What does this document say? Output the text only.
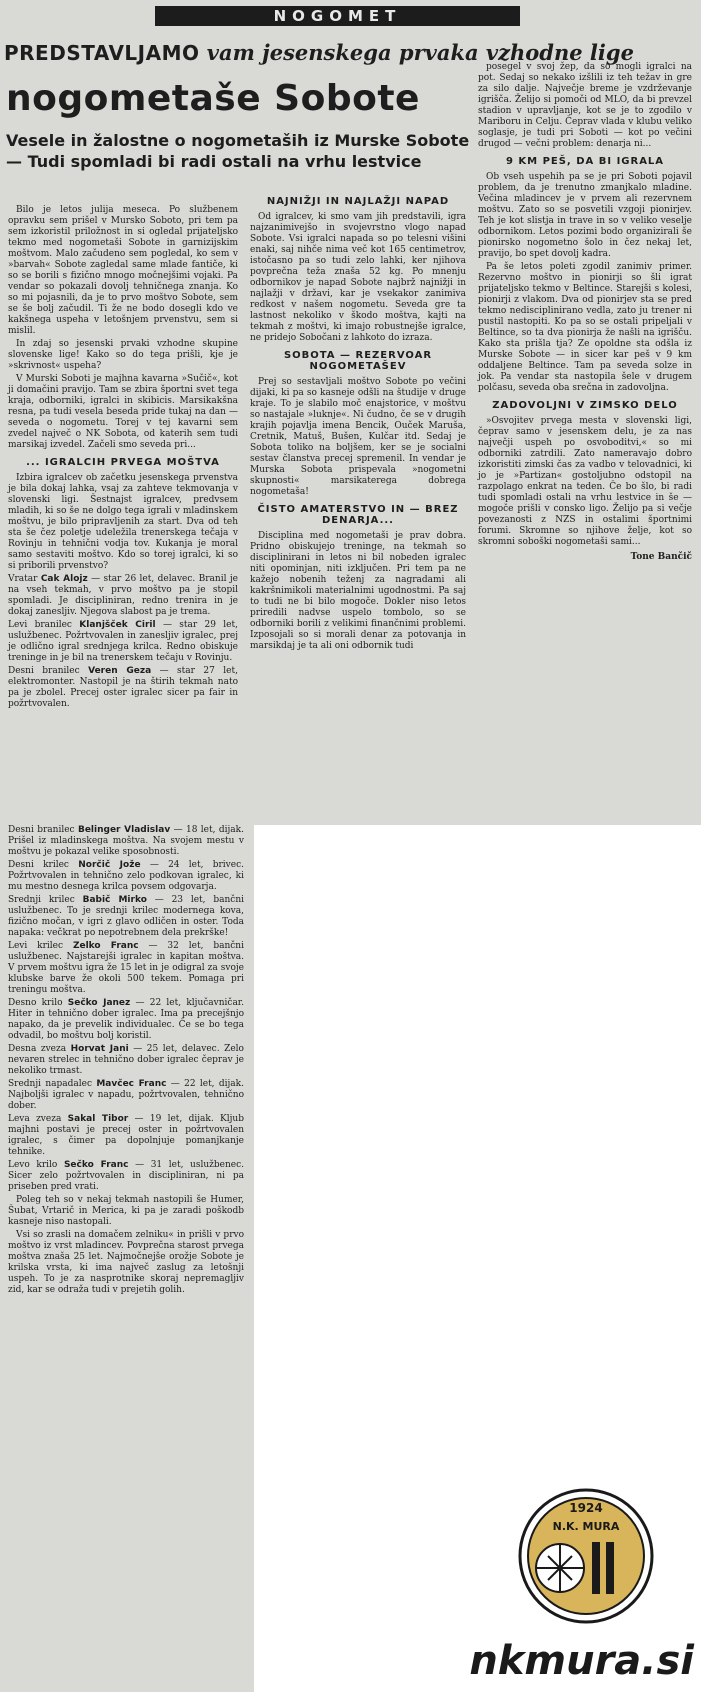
NOGOMET
PREDSTAVLJAMO vam jesenskega prvaka vzhodne lige
nogometaše Sobote
Vesele in žalostne o nogometaših iz Murske Sobote — Tudi spomladi bi radi ostali na vrhu lestvice

Bilo je letos julija meseca. Po službenem opravku sem prišel v Mursko Soboto, pri tem pa sem izkoristil priložnost in si ogledal prijateljsko tekmo med nogometaši Sobote in garnizijskim moštvom. Malo začudeno sem pogledal, ko sem v »barvah« Sobote zagledal same mlade fantiče, ki so se borili s fizično mnogo močnejšimi vojaki. Pa vendar so pokazali dovolj tehničnega znanja. Ko so mi pojasnili, da je to prvo moštvo Sobote, sem se še bolj začudil. Ti že ne bodo dosegli kdo ve kakšnega uspeha v letošnjem prvenstvu, sem si mislil.

In zdaj so jesenski prvaki vzhodne skupine slovenske lige! Kako so do tega prišli, kje je »skrivnost« uspeha?

V Murski Soboti je majhna kavarna »Sučič«, kot ji domačini pravijo. Tam se zbira športni svet tega kraja, odborniki, igralci in skibicis. Marsikakšna resna, pa tudi vesela beseda pride tukaj na dan — seveda o nogometu. Torej v tej kavarni sem zvedel največ o NK Sobota, od katerih sem tudi marsikaj izvedel. Začeli smo seveda pri...

... IGRALCIH PRVEGA MOŠTVA

Izbira igralcev ob začetku jesenskega prvenstva je bila dokaj lahka, vsaj za zahteve tekmovanja v slovenski ligi. Šestnajst igralcev, predvsem mladih, ki so še ne dolgo tega igrali v mladinskem moštvu, je bilo pripravljenih za start. Dva od teh sta še čez poletje udeležila trenerskega tečaja v Rovinju in tehnični vodja tov. Kukanja je moral samo sestaviti moštvo. Kdo so torej igralci, ki so si priborili prvenstvo?

Vratar Cak Alojz — star 26 let, delavec. Branil je na vseh tekmah, v prvo moštvo pa je stopil spomladi. Je discipliniran, redno trenira in je dokaj zanesljiv. Njegova slabost pa je trema.
Levi branilec Klanjšček Ciril — star 29 let, uslužbenec. Požrtvovalen in zanesljiv igralec, prej je odlično igral srednjega krilca. Redno obiskuje treninge in je bil na trenerskem tečaju v Rovinju.
Desni branilec Veren Geza — star 27 let, elektromonter. Nastopil je na štirih tekmah nato pa je zbolel. Precej oster igralec sicer pa fair in požrtvovalen.
NAJNIŽJI IN NAJLAŽJI NAPAD

Od igralcev, ki smo vam jih predstavili, igra najzanimivejšo in svojevrstno vlogo napad Sobote. Vsi igralci napada so po telesni višini enaki, saj nihče nima več kot 165 centimetrov, istočasno pa so tudi zelo lahki, ker njihova povprečna teža znaša 52 kg. Po mnenju odbornikov je napad Sobote najbrž najnižji in najlažji v državi, kar je vsekakor zanimiva redkost v našem nogometu. Seveda gre ta lastnost nekoliko v škodo moštva, kajti na tekmah z moštvi, ki imajo robustnejše igralce, ne pridejo Sobočani z lahkoto do izraza.

SOBOTA — REZERVOAR NOGOMETAŠEV

Prej so sestavljali moštvo Sobote po večini dijaki, ki pa so kasneje odšli na študije v druge kraje. To je slabilo moč enajstorice, v moštvu so nastajale »luknje«. Ni čudno, če se v drugih krajih pojavlja imena Bencik, Ouček Maruša, Cretnik, Matuš, Bušen, Kulčar itd. Sedaj je Sobota toliko na boljšem, ker se je socialni sestav članstva precej spremenil. In vendar je Murska Sobota prispevala »nogometni skupnosti« marsikaterega dobrega nogometaša!

ČISTO AMATERSTVO IN — BREZ DENARJA...

Disciplina med nogometaši je prav dobra. Pridno obiskujejo treninge, na tekmah so disciplinirani in letos ni bil nobeden igralec niti opominjan, niti izključen. Pri tem pa ne kažejo nobenih teženj za nagradami ali kakršnimikoli materialnimi ugodnostmi. Pa saj to tudi ne bi bilo mogoče. Dokler niso letos priredili nadvse uspelo tombolo, so se odborniki borili z velikimi finančnimi problemi. Izposojali so si morali denar za potovanja in marsikdaj je ta ali oni odbornik tudi

posegel v svoj žep, da so mogli igralci na pot. Sedaj so nekako izšlili iz teh težav in gre za silo dalje. Največje breme je vzdrževanje igrišča. Želijo si pomoči od MLO, da bi prevzel stadion v upravljanje, kot se je to zgodilo v Mariboru in Celju. Čeprav vlada v klubu veliko soglasje, je tudi pri Soboti — kot po večini drugod — večni problem: denarja ni...

9 KM PEŠ, DA BI IGRALA

Ob vseh uspehih pa se je pri Soboti pojavil problem, da je trenutno zmanjkalo mladine. Večina mladincev je v prvem ali rezervnem moštvu. Zato so se posvetili vzgoji pionirjev. Teh je kot slistja in trave in so v veliko veselje odbornikom. Letos pozimi bodo organizirali še pionirsko nogometno šolo in čez nekaj let, pravijo, bo spet dovolj kadra.

Pa še letos poleti zgodil zanimiv primer. Rezervno moštvo in pionirji so šli igrat prijateljsko tekmo v Beltince. Starejši s kolesi, pionirji z vlakom. Dva od pionirjev sta se pred tekmo nedisciplinirano vedla, zato ju trener ni pustil nastopiti. Ko pa so se ostali pripeljali v Beltince, so ta dva pionirja že našli na igrišču. Kako sta prišla tja? Ze opoldne sta odšla iz Murske Sobote — in sicer kar peš v 9 km oddaljene Beltince. Tam pa seveda solze in jok. Pa vendar sta nastopila šele v drugem polčasu, seveda oba srečna in zadovoljna.

ZADOVOLJNI V ZIMSKO DELO

»Osvojitev prvega mesta v slovenski ligi, čeprav samo v jesenskem delu, je za nas največji uspeh po osvoboditvi,« so mi odborniki zatrdili. Zato nameravajo dobro izkoristiti zimski čas za vadbo v telovadnici, ki jo je »Partizan« gostoljubno odstopil na razpolago enkrat na teden. Če bo šlo, bi radi tudi spomladi ostali na vrhu lestvice in še — mogoče prišli v consko ligo. Želijo pa si večje povezanosti z NZS in ostalimi športnimi forumi. Skromne so njihove želje, kot so skromni soboški nogometaši sami...

Tone Bančič
Desni branilec Belinger Vladislav — 18 let, dijak. Prišel iz mladinskega moštva. Na svojem mestu v moštvu je pokazal velike sposobnosti.
Desni krilec Norčič Jože — 24 let, brivec. Požrtvovalen in tehnično zelo podkovan igralec, ki mu mestno desnega krilca povsem odgovarja.
Srednji krilec Babič Mirko — 23 let, bančni uslužbenec. To je srednji krilec modernega kova, fizično močan, v igri z glavo odličen in oster. Toda napaka: večkrat po nepotrebnem dela prekrške!
Levi krilec Zelko Franc — 32 let, bančni uslužbenec. Najstarejši igralec in kapitan moštva. V prvem moštvu igra že 15 let in je odigral za svoje klubske barve že okoli 500 tekem. Pomaga pri treningu moštva.
Desno krilo Sečko Janez — 22 let, ključavničar. Hiter in tehnično dober igralec. Ima pa precejšnjo napako, da je prevelik individualec. Če se bo tega odvadil, bo moštvu bolj koristil.
Desna zveza Horvat Jani — 25 let, delavec. Zelo nevaren strelec in tehnično dober igralec čeprav je nekoliko trmast.
Srednji napadalec Mavčec Franc — 22 let, dijak. Najboljši igralec v napadu, požrtvovalen, tehnično dober.
Leva zveza Sakal Tibor — 19 let, dijak. Kljub majhni postavi je precej oster in požrtvovalen igralec, s čimer pa dopolnjuje pomanjkanje tehnike.
Levo krilo Sečko Franc — 31 let, uslužbenec. Sicer zelo požrtvovalen in discipliniran, ni pa priseben pred vrati.

Poleg teh so v nekaj tekmah nastopili še Humer, Šubat, Vrtarič in Merica, ki pa je zaradi poškodb kasneje niso nastopali.

Vsi so zrasli na domačem zelniku« in prišli v prvo moštvo iz vrst mladincev. Povprečna starost prvega moštva znaša 25 let. Najmočnejše orožje Sobote je krilska vrsta, ki ima največ zaslug za letošnji uspeh. To je za nasprotnike skoraj nepremagljiv zid, kar se odraža tudi v prejetih golih.

1924
N.K. MURA
nkmura.si
